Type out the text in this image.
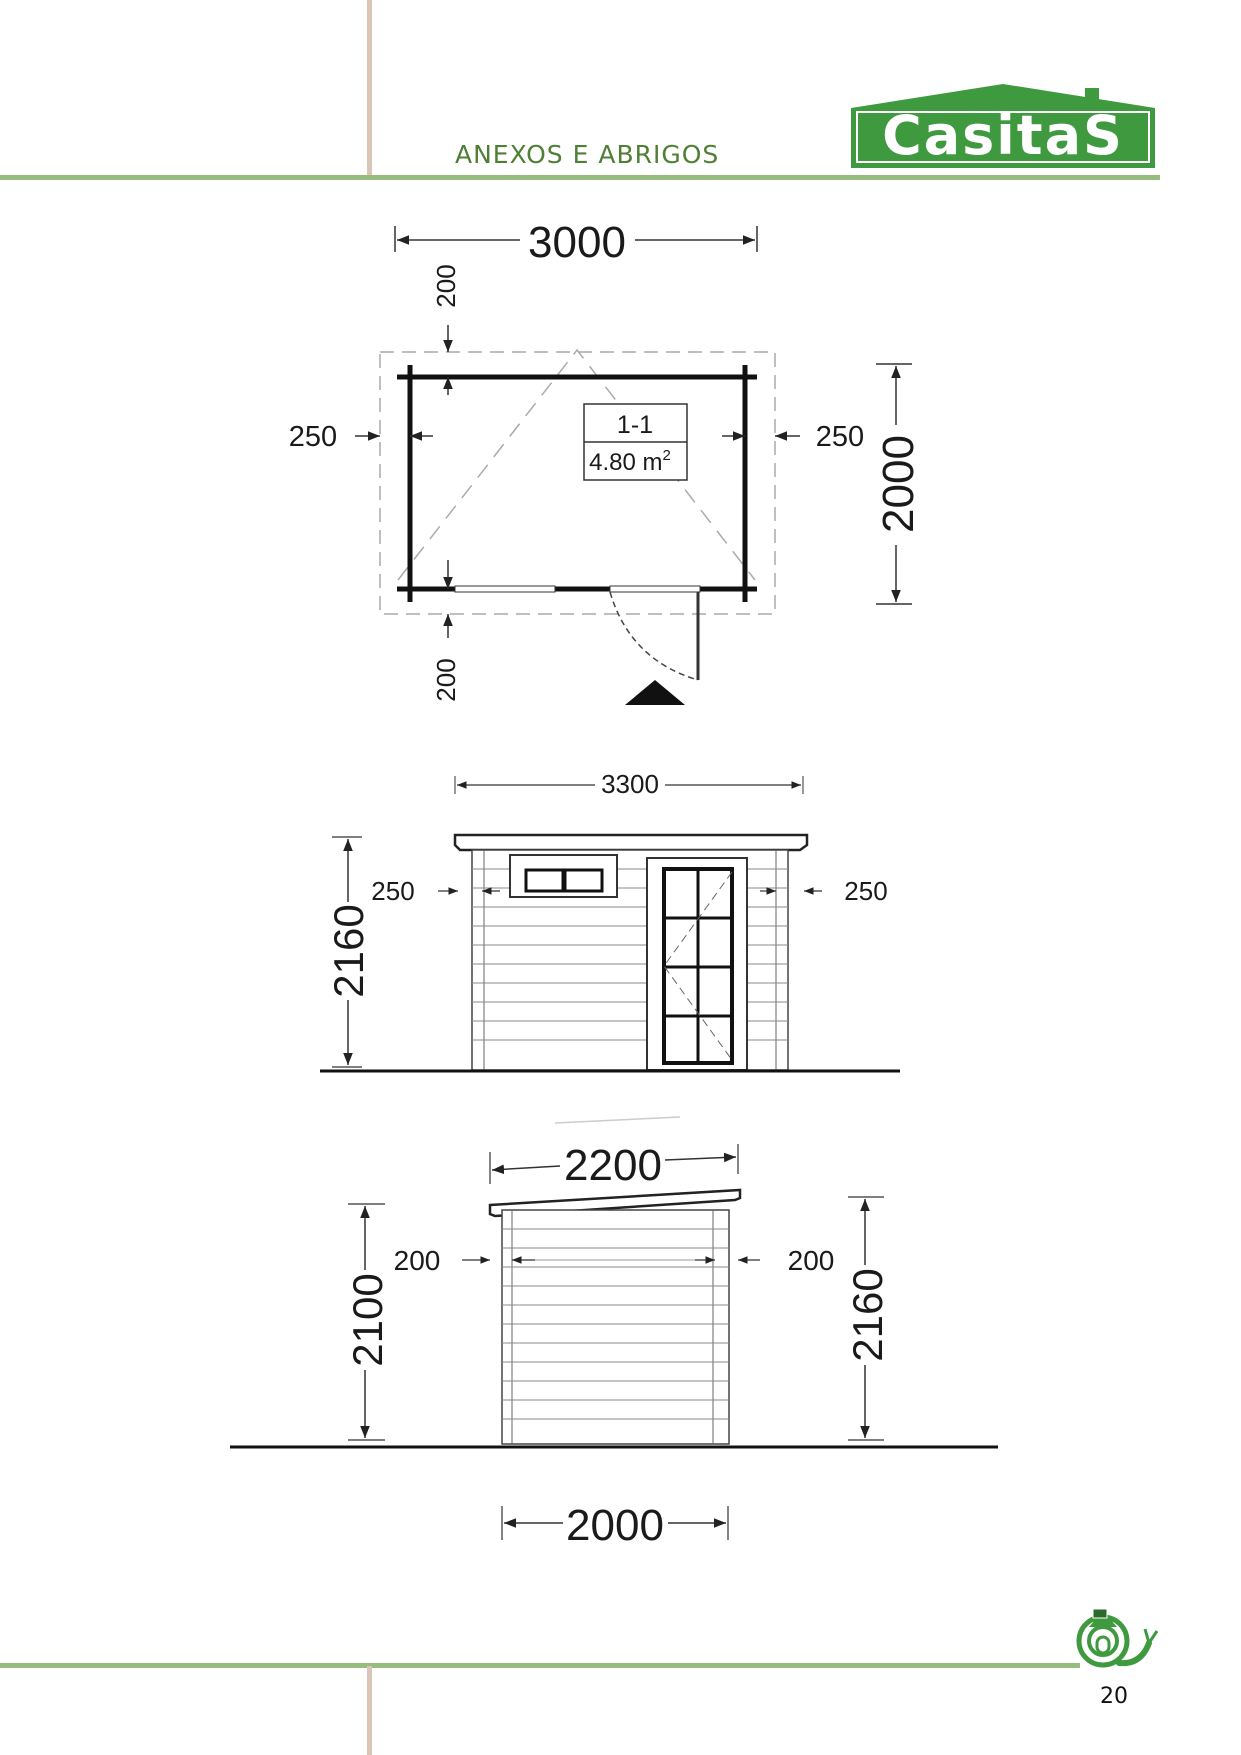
ANEXOS E ABRIGOS	CasitaS
1-1
4.80 $m^2$
3000
200
200
250	250 2000
3300
250	250
2160
2200
200	200
2100	2160
2000
20
